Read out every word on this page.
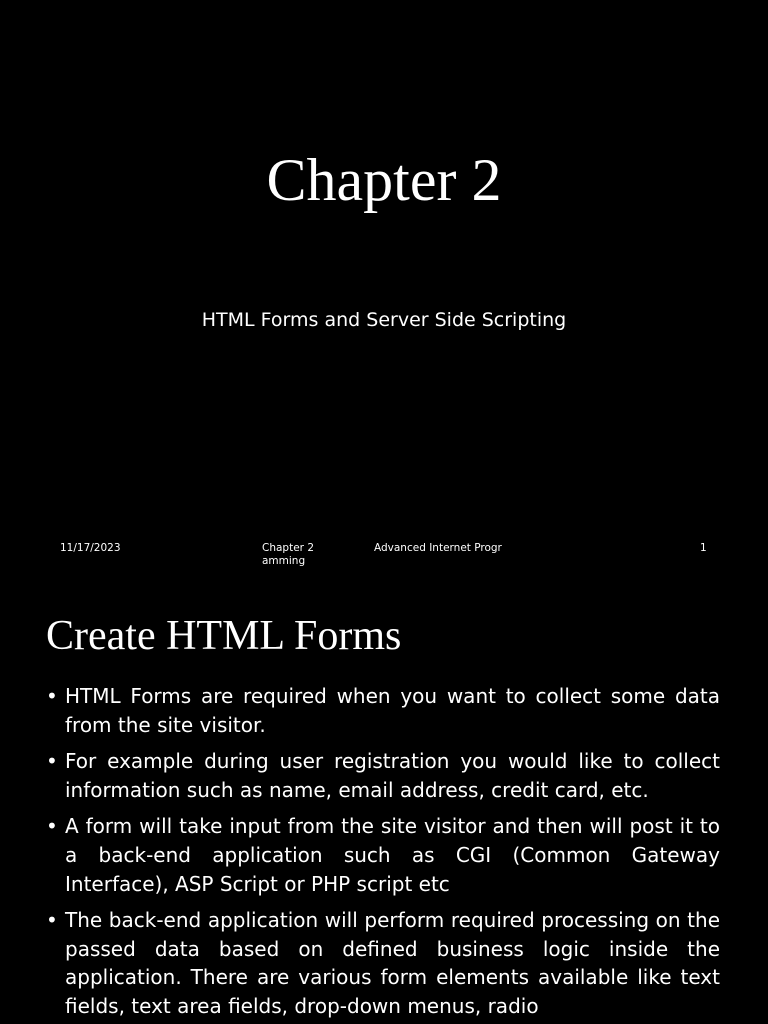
Chapter 2
HTML Forms and Server Side Scripting
11/17/2023	Chapter 2
amming
Advanced Internet Progr	1
Create HTML Forms
• HTML Forms are required when you want to collect some data from the site visitor.
• For example during user registration you would like to collect information such as name, email address, credit card, etc.
• A form will take input from the site visitor and then will post it to a back-end application such as CGI (Common Gateway Interface), ASP Script or PHP script etc
• The back-end application will perform required processing on the passed data based on defined business logic inside the application. There are various form elements available like text fields, text area fields, drop-down menus, radio
